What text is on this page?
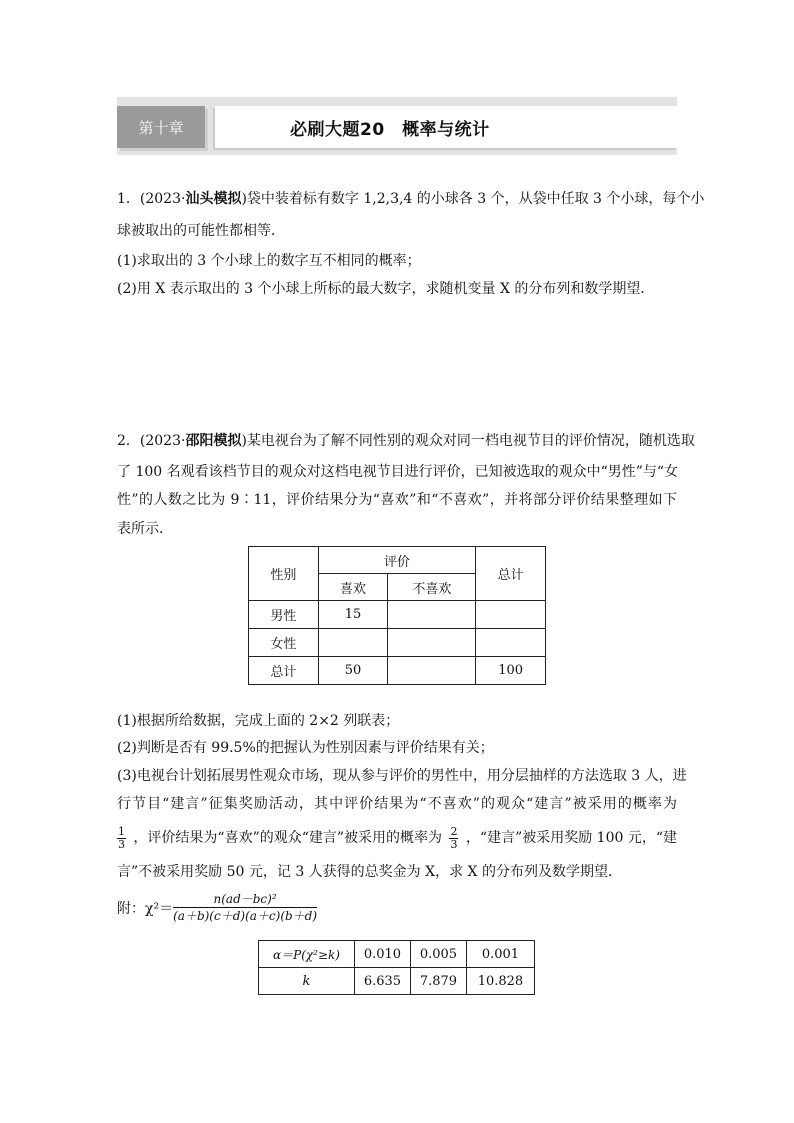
第十章	必刷大题20　概率与统计
1．(2023·汕头模拟)袋中装着标有数字 1,2,3,4 的小球各 3 个，从袋中任取 3 个小球，每个小
球被取出的可能性都相等．
(1)求取出的 3 个小球上的数字互不相同的概率；
(2)用 X 表示取出的 3 个小球上所标的最大数字，求随机变量 X 的分布列和数学期望．
2．(2023·邵阳模拟)某电视台为了解不同性别的观众对同一档电视节目的评价情况，随机选取
了 100 名观看该档节目的观众对这档电视节目进行评价，已知被选取的观众中“男性”与“女
性”的人数之比为 9∶11，评价结果分为“喜欢”和“不喜欢”，并将部分评价结果整理如下
表所示．
性别	评价		总计
	喜欢	不喜欢	
男性	15		
女性			
总计	50		100
(1)根据所给数据，完成上面的 2×2 列联表；
(2)判断是否有 99.5%的把握认为性别因素与评价结果有关；
(3)电视台计划拓展男性观众市场，现从参与评价的男性中，用分层抽样的方法选取 3 人，进
行节目“建言”征集奖励活动，其中评价结果为“不喜欢”的观众“建言”被采用的概率为
$\frac{1}{3}$ ，评价结果为“喜欢”的观众“建言”被采用的概率为 $\frac{2}{3}$ ，“建言”被采用奖励 100 元，“建
言”不被采用奖励 50 元，记 3 人获得的总奖金为 X，求 X 的分布列及数学期望．
附：$\chi^2= \frac{\text{n(ad－bc)²}}{(a+b)(c+d)(a+c)(b+d)}$
α＝P(χ²≥k)	0.010	0.005	0.001
k	6.635	7.879	10.828
